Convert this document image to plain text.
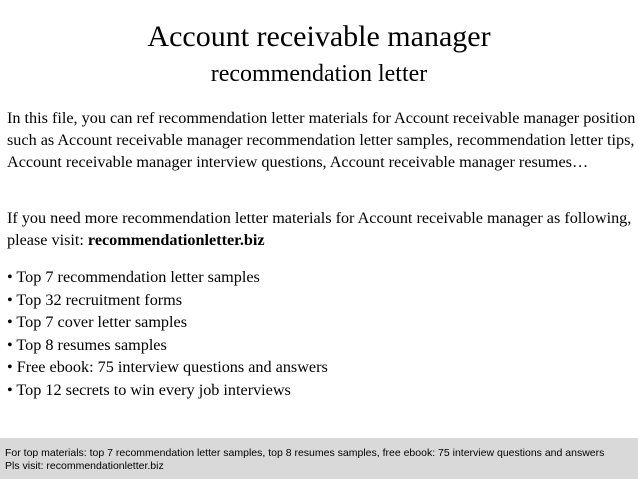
Account receivable manager
recommendation letter

In this file, you can ref recommendation letter materials for Account receivable manager position such as Account receivable manager recommendation letter samples, recommendation letter tips, Account receivable manager interview questions, Account receivable manager resumes…

If you need more recommendation letter materials for Account receivable manager as following, please visit: recommendationletter.biz

• Top 7 recommendation letter samples
• Top 32 recruitment forms
• Top 7 cover letter samples
• Top 8 resumes samples
• Free ebook: 75 interview questions and answers
• Top 12 secrets to win every job interviews
For top materials: top 7 recommendation letter samples, top 8 resumes samples, free ebook: 75 interview questions and answers
Pls visit: recommendationletter.biz
